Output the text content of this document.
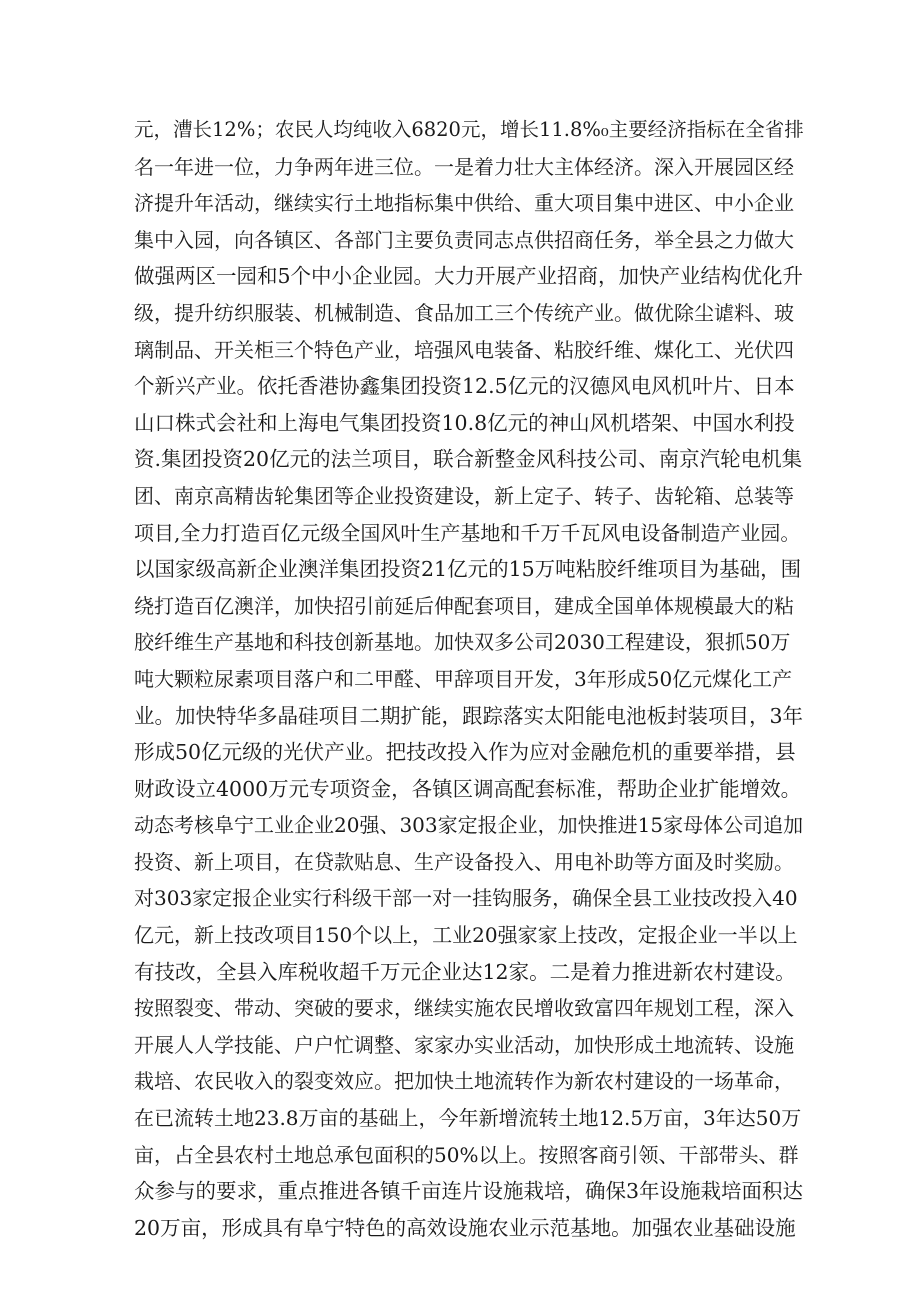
元，漕长12%；农民人均纯收入6820元，增长11.8%₀主要经济指标在全省排
名一年进一位，力争两年进三位。一是着力壮大主体经济。深入开展园区经
济提升年活动，继续实行土地指标集中供给、重大项目集中进区、中小企业
集中入园，向各镇区、各部门主要负责同志点供招商任务，举全县之力做大
做强两区一园和5个中小企业园。大力开展产业招商，加快产业结构优化升
级，提升纺织服装、机械制造、食品加工三个传统产业。做优除尘谑料、玻
璃制品、开关柜三个特色产业，培强风电装备、粘胶纤维、煤化工、光伏四
个新兴产业。依托香港协鑫集团投资12.5亿元的汉德风电风机叶片、日本
山口株式会社和上海电气集团投资10.8亿元的神山风机塔架、中国水利投
资.集团投资20亿元的法兰项目，联合新整金风科技公司、南京汽轮电机集
团、南京高精齿轮集团等企业投资建设，新上定子、转子、齿轮箱、总装等
项目,全力打造百亿元级全国风叶生产基地和千万千瓦风电设备制造产业园。
以国家级高新企业澳洋集团投资21亿元的15万吨粘胶纤维项目为基础，围
绕打造百亿澳洋，加快招引前延后伸配套项目，建成全国单体规模最大的粘
胶纤维生产基地和科技创新基地。加快双多公司2030工程建设，狠抓50万
吨大颗粒尿素项目落户和二甲醛、甲辞项目开发，3年形成50亿元煤化工产
业。加快特华多晶硅项目二期扩能，跟踪落实太阳能电池板封装项目，3年
形成50亿元级的光伏产业。把技改投入作为应对金融危机的重要举措，县
财政设立4000万元专项资金，各镇区调高配套标准，帮助企业扩能增效。
动态考核阜宁工业企业20强、303家定报企业，加快推进15家母体公司追加
投资、新上项目，在贷款贴息、生产设备投入、用电补助等方面及时奖励。
对303家定报企业实行科级干部一对一挂钩服务，确保全县工业技改投入40
亿元，新上技改项目150个以上，工业20强家家上技改，定报企业一半以上
有技改，全县入库税收超千万元企业达12家。二是着力推进新农村建设。
按照裂变、带动、突破的要求，继续实施农民增收致富四年规划工程，深入
开展人人学技能、户户忙调整、家家办实业活动，加快形成土地流转、设施
栽培、农民收入的裂变效应。把加快土地流转作为新农村建设的一场革命，
在已流转土地23.8万亩的基础上，今年新增流转土地12.5万亩，3年达50万
亩，占全县农村土地总承包面积的50%以上。按照客商引领、干部带头、群
众参与的要求，重点推进各镇千亩连片设施栽培，确保3年设施栽培面积达
20万亩，形成具有阜宁特色的高效设施农业示范基地。加强农业基础设施
